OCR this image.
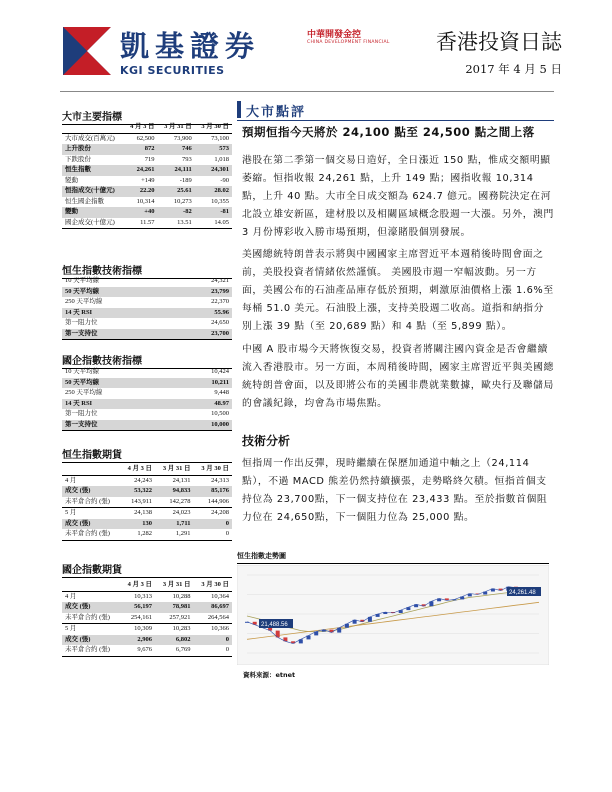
凱基證券
KGI SECURITIES
中華開發金控
CHINA DEVELOPMENT FINANCIAL 香港投資日誌
2017 年 4 月 5 日
大市主要指標
	4 月 3 日	3 月 31 日	3 月 30 日
大市成交(百萬元)	62,500	73,900	73,100
上升股份	872	746	573
下跌股份	719	793	1,018
恒生指數	24,261	24,111	24,301
變動	+149	-189	-90
恒指成交(十億元)	22.20	25.61	28.02
恒生國企指數	10,314	10,273	10,355
變動	+40	-82	-81
國企成交(十億元)	11.57	13.51	14.05
恒生指數技術指標
10 天平均線	24,321
50 天平均線	23,799
250 天平均線	22,370
14 天 RSI	55.96
第一阻力位	24,650
第一支持位	23,700
國企指數技術指標
10 天平均線	10,424
50 天平均線	10,211
250 天平均線	9,448
14 天 RSI	48.97
第一阻力位	10,500
第一支持位	10,000
恒生指數期貨
	4 月 3 日	3 月 31 日	3 月 30 日
4 月	24,243	24,131	24,313
成交 (張)	53,322	94,833	85,176
未平倉合約 (張)	143,911	142,278	144,906
5 月	24,138	24,023	24,208
成交 (張)	130	1,711	0
未平倉合約 (張)	1,282	1,291	0
國企指數期貨
	4 月 3 日	3 月 31 日	3 月 30 日
4 月	10,313	10,288	10,364
成交 (張)	56,197	78,981	86,697
未平倉合約 (張)	254,161	257,921	264,564
5 月	10,309	10,283	10,366
成交 (張)	2,906	6,802	0
未平倉合約 (張)	9,676	6,769	0
大市點評
預期恒指今天將於 24,100 點至 24,500 點之間上落
港股在第二季第一個交易日造好，全日漲近 150 點，惟成交額明顯萎縮。恒指收報 24,261 點，上升 149 點；國指收報 10,314 點，上升 40 點。大市全日成交額為 624.7 億元。國務院決定在河北設立雄安新區，建材股以及相關區域概念股週一大漲。另外，澳門 3 月份博彩收入勝市場預期，但濠賭股個別發展。
美國總統特朗普表示將與中國國家主席習近平本週稍後時間會面之前，美股投資者情緒依然謹慎。 美國股市週一窄幅波動。另一方面，美國公布的石油產品庫存低於預期，刺激原油價格上漲 1.6%至每桶 51.0 美元。石油股上漲，支持美股週二收高。道指和納指分別上漲 39 點（至 20,689 點）和 4 點（至 5,899 點）。
中國 A 股市場今天將恢復交易，投資者將關注國內資金是否會繼續流入香港股市。另一方面，本周稍後時間，國家主席習近平與美國總統特朗普會面，以及即將公布的美國非農就業數據，歐央行及聯儲局的會議紀錄，均會為市場焦點。
技術分析
恒指周一作出反彈，現時繼續在保歷加通道中軸之上（24,114 點），不過 MACD 熊差仍然持續擴張，走勢略終欠積。恒指首個支持位為 23,700點，下一個支持位在 23,433 點。至於指數首個阻力位在 24,650點，下一個阻力位為 25,000 點。
恒生指數走勢圖
24,261.48
21,488.56
資料來源：etnet
